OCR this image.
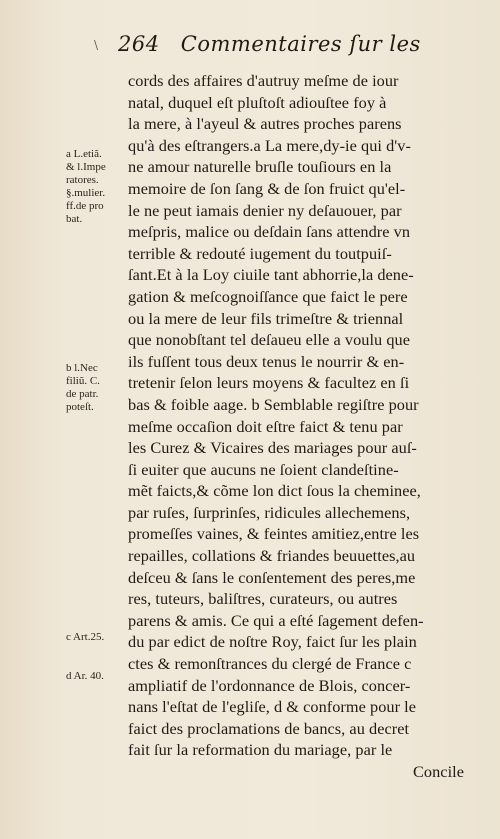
\ 264 Commentaires ſur les
cords des affaires d'autruy meſme de iour
natal, duquel eſt pluſtoſt adiouſtee foy à
la mere, à l'ayeul & autres proches parens
qu'à des eſtrangers.a La mere,dy-ie qui d'v-
ne amour naturelle bruſle touſiours en la
memoire de ſon ſang & de ſon fruict qu'el-
le ne peut iamais denier ny deſauouer, par
meſpris, malice ou deſdain ſans attendre vn
terrible & redouté iugement du toutpuiſ-
ſant.Et à la Loy ciuile tant abhorrie,la dene-
gation & meſcognoiſſance que faict le pere
ou la mere de leur fils trimeſtre & triennal
que nonobſtant tel deſaueu elle a voulu que
ils fuſſent tous deux tenus le nourrir & en-
tretenir ſelon leurs moyens & facultez en ſi
bas & foible aage. b Semblable regiſtre pour
meſme occaſion doit eſtre faict & tenu par
les Curez & Vicaires des mariages pour auſ-
ſi euiter que aucuns ne ſoient clandeſtine-
mẽt faicts,& cõme lon dict ſous la cheminee,
par ruſes, ſurprinſes, ridicules allechemens,
promeſſes vaines, & feintes amitiez,entre les
repailles, collations & friandes beuuettes,au
deſceu & ſans le conſentement des peres,me
res, tuteurs, baliſtres, curateurs, ou autres
parens & amis. Ce qui a eſté ſagement defen-
du par edict de noſtre Roy, faict ſur les plain
ctes & remonſtrances du clergé de France c
ampliatif de l'ordonnance de Blois, concer-
nans l'eſtat de l'egliſe, d & conforme pour le
faict des proclamations de bancs, au decret
fait ſur la reformation du mariage, par le
Concile
a L.etiã.
& l.Impe
ratores.
§.mulier.
ff.de pro
bat.
b l.Nec
filiũ. C.
de patr.
poteſt.
c Art.25.
d Ar. 40.
